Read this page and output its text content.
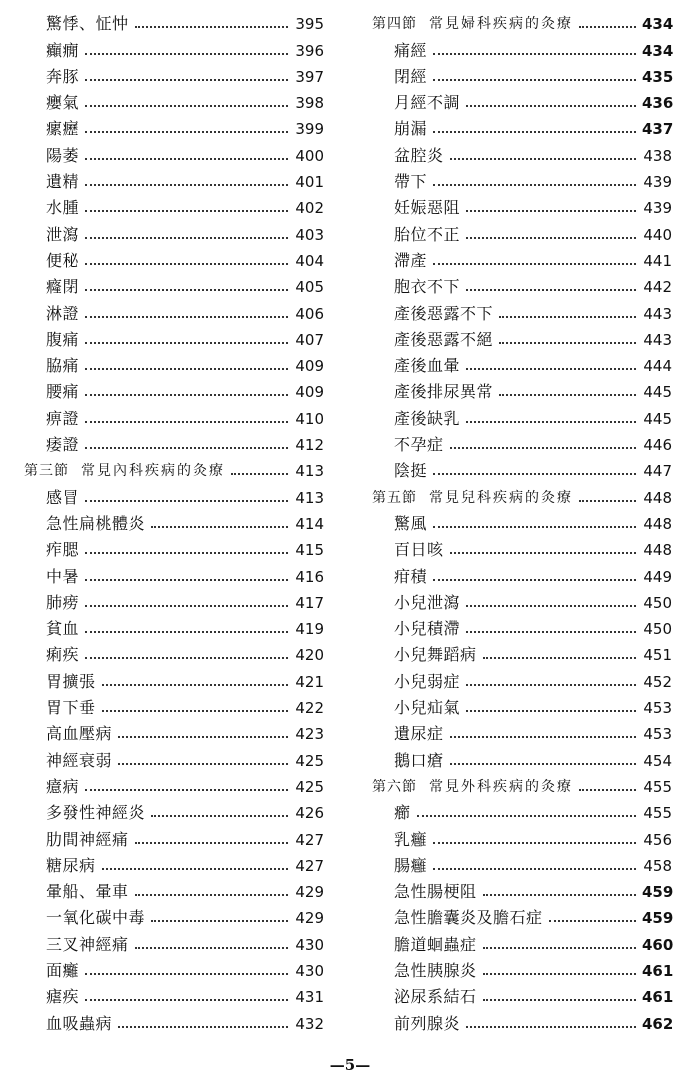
驚悸、怔忡	395
癲癇	396
奔豚	397
癭氣	398
瘰癧	399
陽萎	400
遺精	401
水腫	402
泄瀉	403
便秘	404
癃閉	405
淋證	406
腹痛	407
脇痛	409
腰痛	409
痹證	410
痿證	412
第三節 常見內科疾病的灸療	413
感冒	413
急性扁桃體炎	414
痄腮	415
中暑	416
肺痨	417
貧血	419
痢疾	420
胃擴張	421
胃下垂	422
高血壓病	423
神經衰弱	425
癔病	425
多發性神經炎	426
肋間神經痛	427
糖尿病	427
暈船、暈車	429
一氧化碳中毒	429
三叉神經痛	430
面癱	430
瘧疾	431
血吸蟲病	432
第四節 常見婦科疾病的灸療	434
痛經	434
閉經	435
月經不調	436
崩漏	437
盆腔炎	438
帶下	439
妊娠惡阻	439
胎位不正	440
滯產	441
胞衣不下	442
產後惡露不下	443
產後惡露不絕	443
產後血暈	444
產後排尿異常	445
產後缺乳	445
不孕症	446
陰挺	447
第五節 常見兒科疾病的灸療	448
驚風	448
百日咳	448
疳積	449
小兒泄瀉	450
小兒積滯	450
小兒舞蹈病	451
小兒弱症	452
小兒疝氣	453
遺尿症	453
鵝口瘡	454
第六節 常見外科疾病的灸療	455
癤	455
乳癰	456
腸癰	458
急性腸梗阻	459
急性膽囊炎及膽石症	459
膽道蛔蟲症	460
急性胰腺炎	461
泌尿系結石	461
前列腺炎	462
—5—
